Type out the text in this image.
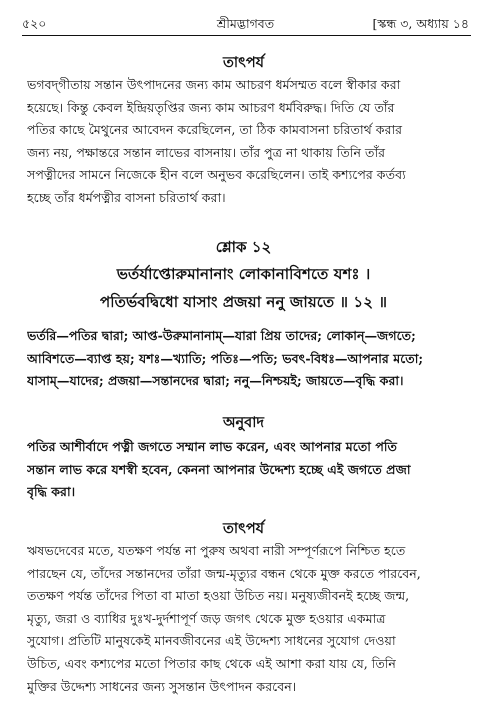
৫২০	শ্রীমদ্ভাগবত	[স্কন্ধ ৩, অধ্যায় ১৪
তাৎপর্য
ভগবদ্‌গীতায় সন্তান উৎপাদনের জন্য কাম আচরণ ধর্মসম্মত বলে স্বীকার করা
হয়েছে। কিন্তু কেবল ইন্দ্রিয়তৃপ্তির জন্য কাম আচরণ ধর্মবিরুদ্ধ। দিতি যে তাঁর
পতির কাছে মৈথুনের আবেদন করেছিলেন, তা ঠিক কামবাসনা চরিতার্থ করার
জন্য নয়, পক্ষান্তরে সন্তান লাভের বাসনায়। তাঁর পুত্র না থাকায় তিনি তাঁর
সপত্নীদের সামনে নিজেকে হীন বলে অনুভব করেছিলেন। তাই কশ্যপের কর্তব্য
হচ্ছে তাঁর ধর্মপত্নীর বাসনা চরিতার্থ করা।
শ্লোক ১২
ভর্তর্যাপ্তোরুমানানাং লোকানাবিশতে যশঃ ।
পতির্ভবদ্বিধো যাসাং প্রজয়া ননু জায়তে ॥ ১২ ॥
ভর্তরি—পতির দ্বারা; আপ্ত-উরুমানানাম্—যারা প্রিয় তাদের; লোকান্—জগতে;
আবিশতে—ব্যাপ্ত হয়; যশঃ—খ্যাতি; পতিঃ—পতি; ভবৎ-বিধঃ—আপনার মতো;
যাসাম্—যাদের; প্রজয়া—সন্তানদের দ্বারা; ননু—নিশ্চয়ই; জায়তে—বৃদ্ধি করা।
অনুবাদ
পতির আশীর্বাদে পত্নী জগতে সম্মান লাভ করেন, এবং আপনার মতো পতি
সন্তান লাভ করে যশস্বী হবেন, কেননা আপনার উদ্দেশ্য হচ্ছে এই জগতে প্রজা
বৃদ্ধি করা।
তাৎপর্য
ঋষভদেবের মতে, যতক্ষণ পর্যন্ত না পুরুষ অথবা নারী সম্পূর্ণরূপে নিশ্চিত হতে
পারছেন যে, তাঁদের সন্তানদের তাঁরা জন্ম-মৃত্যুর বন্ধন থেকে মুক্ত করতে পারবেন,
ততক্ষণ পর্যন্ত তাঁদের পিতা বা মাতা হওয়া উচিত নয়। মনুষ্যজীবনই হচ্ছে জন্ম,
মৃত্যু, জরা ও ব্যাধির দুঃখ-দুর্দশাপূর্ণ জড় জগৎ থেকে মুক্ত হওয়ার একমাত্র
সুযোগ। প্রতিটি মানুষকেই মানবজীবনের এই উদ্দেশ্য সাধনের সুযোগ দেওয়া
উচিত, এবং কশ্যপের মতো পিতার কাছ থেকে এই আশা করা যায় যে, তিনি
মুক্তির উদ্দেশ্য সাধনের জন্য সুসন্তান উৎপাদন করবেন।
